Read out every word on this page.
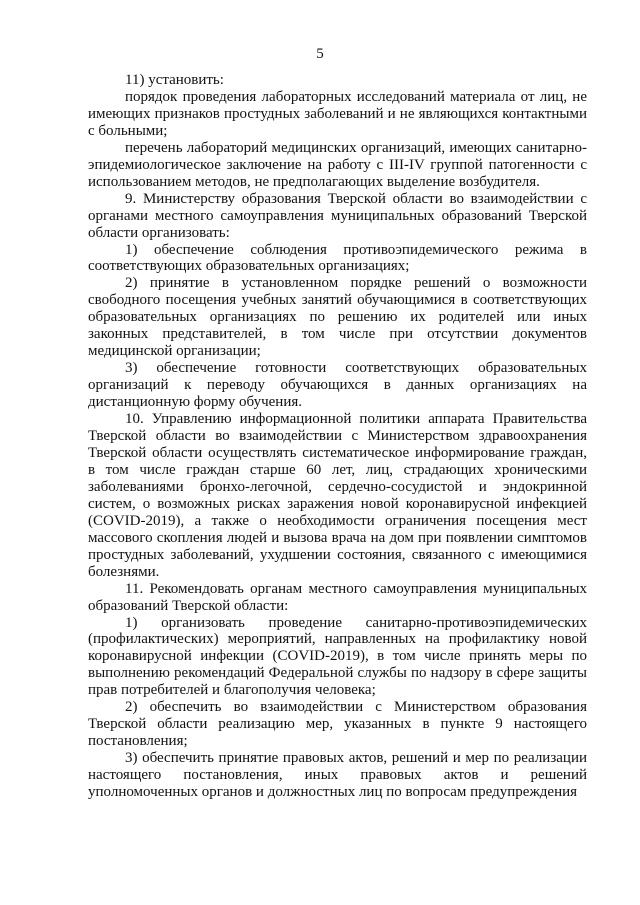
5

11) установить:

порядок проведения лабораторных исследований материала от лиц, не имеющих признаков простудных заболеваний и не являющихся контактными с больными;

перечень лабораторий медицинских организаций, имеющих санитарно-эпидемиологическое заключение на работу с III-IV группой патогенности с использованием методов, не предполагающих выделение возбудителя.

9. Министерству образования Тверской области во взаимодействии с органами местного самоуправления муниципальных образований Тверской области организовать:

1) обеспечение соблюдения противоэпидемического режима в соответствующих образовательных организациях;

2) принятие в установленном порядке решений о возможности свободного посещения учебных занятий обучающимися в соответствующих образовательных организациях по решению их родителей или иных законных представителей, в том числе при отсутствии документов медицинской организации;

3) обеспечение готовности соответствующих образовательных организаций к переводу обучающихся в данных организациях на дистанционную форму обучения.

10. Управлению информационной политики аппарата Правительства Тверской области во взаимодействии с Министерством здравоохранения Тверской области осуществлять систематическое информирование граждан, в том числе граждан старше 60 лет, лиц, страдающих хроническими заболеваниями бронхо-легочной, сердечно-сосудистой и эндокринной систем, о возможных рисках заражения новой коронавирусной инфекцией (COVID-2019), а также о необходимости ограничения посещения мест массового скопления людей и вызова врача на дом при появлении симптомов простудных заболеваний, ухудшении состояния, связанного с имеющимися болезнями.

11. Рекомендовать органам местного самоуправления муниципальных образований Тверской области:

1) организовать проведение санитарно-противоэпидемических (профилактических) мероприятий, направленных на профилактику новой коронавирусной инфекции (COVID-2019), в том числе принять меры по выполнению рекомендаций Федеральной службы по надзору в сфере защиты прав потребителей и благополучия человека;

2) обеспечить во взаимодействии с Министерством образования Тверской области реализацию мер, указанных в пункте 9 настоящего постановления;

3) обеспечить принятие правовых актов, решений и мер по реализации настоящего постановления, иных правовых актов и решений уполномоченных органов и должностных лиц по вопросам предупреждения
